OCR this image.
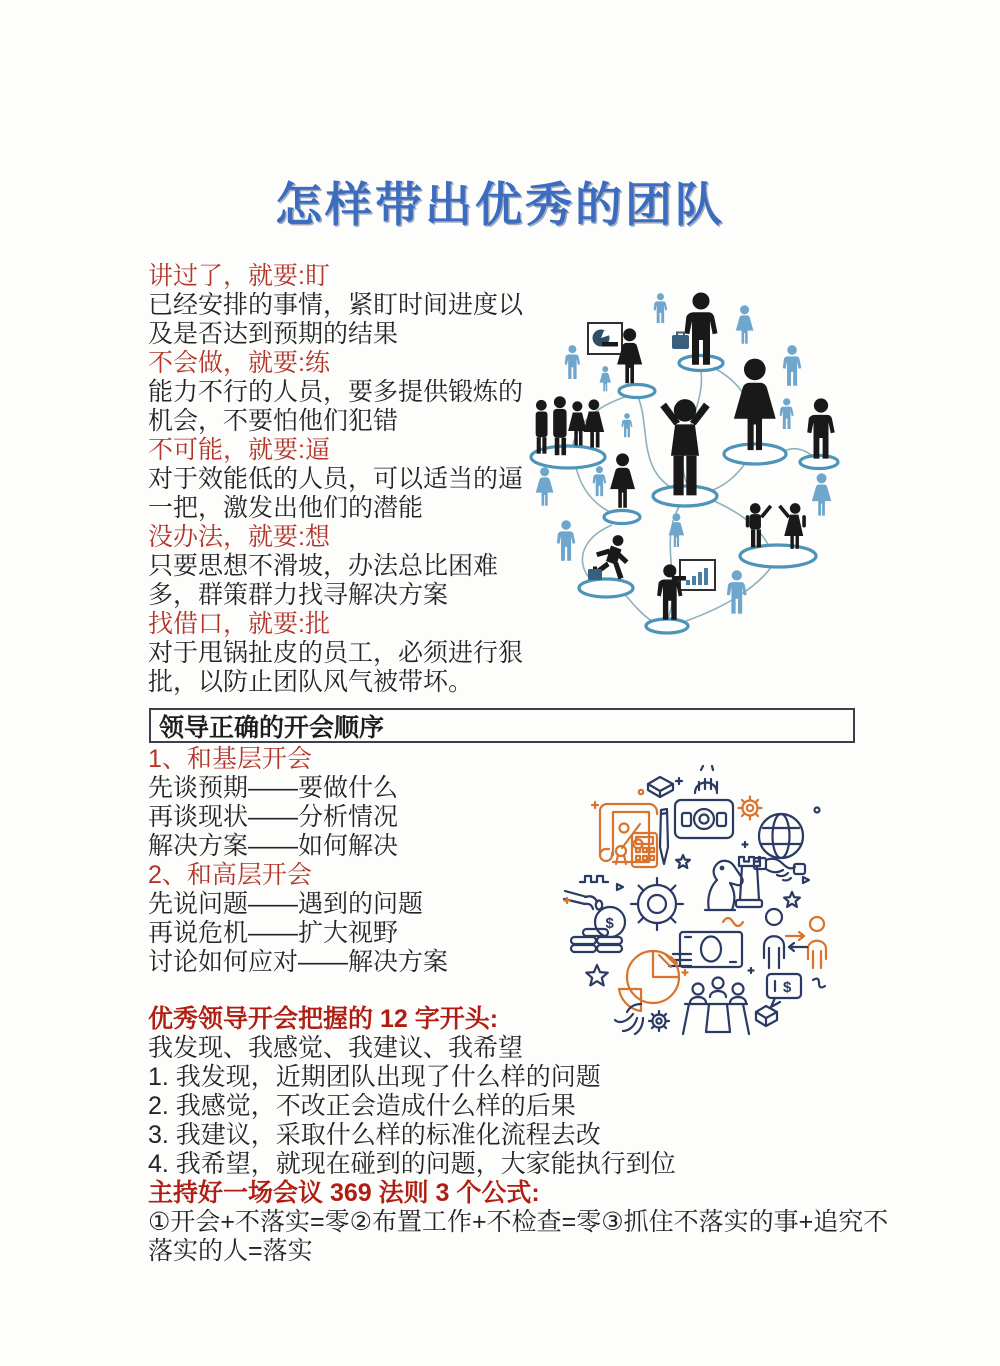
怎样带出优秀的团队
讲过了，就要:盯
已经安排的事情，紧盯时间进度以及是否达到预期的结果
不会做，就要:练
能力不行的人员，要多提供锻炼的机会，不要怕他们犯错
不可能，就要:逼
对于效能低的人员，可以适当的逼一把，激发出他们的潜能
没办法，就要:想
只要思想不滑坡，办法总比困难多，群策群力找寻解决方案
找借口，就要:批
对于甩锅扯皮的员工，必须进行狠批，以防止团队风气被带坏。
领导正确的开会顺序
1、和基层开会
先谈预期——要做什么
再谈现状——分析情况
解决方案——如何解决
2、和高层开会
先说问题——遇到的问题
再说危机——扩大视野
讨论如何应对——解决方案
$
$
优秀领导开会把握的 12 字开头:
我发现、我感觉、我建议、我希望
1. 我发现，近期团队出现了什么样的问题
2. 我感觉，不改正会造成什么样的后果
3. 我建议，采取什么样的标准化流程去改
4. 我希望，就现在碰到的问题，大家能执行到位
主持好一场会议 369 法则 3 个公式:
①开会+不落实=零②布置工作+不检查=零③抓住不落实的事+追究不落实的人=落实
